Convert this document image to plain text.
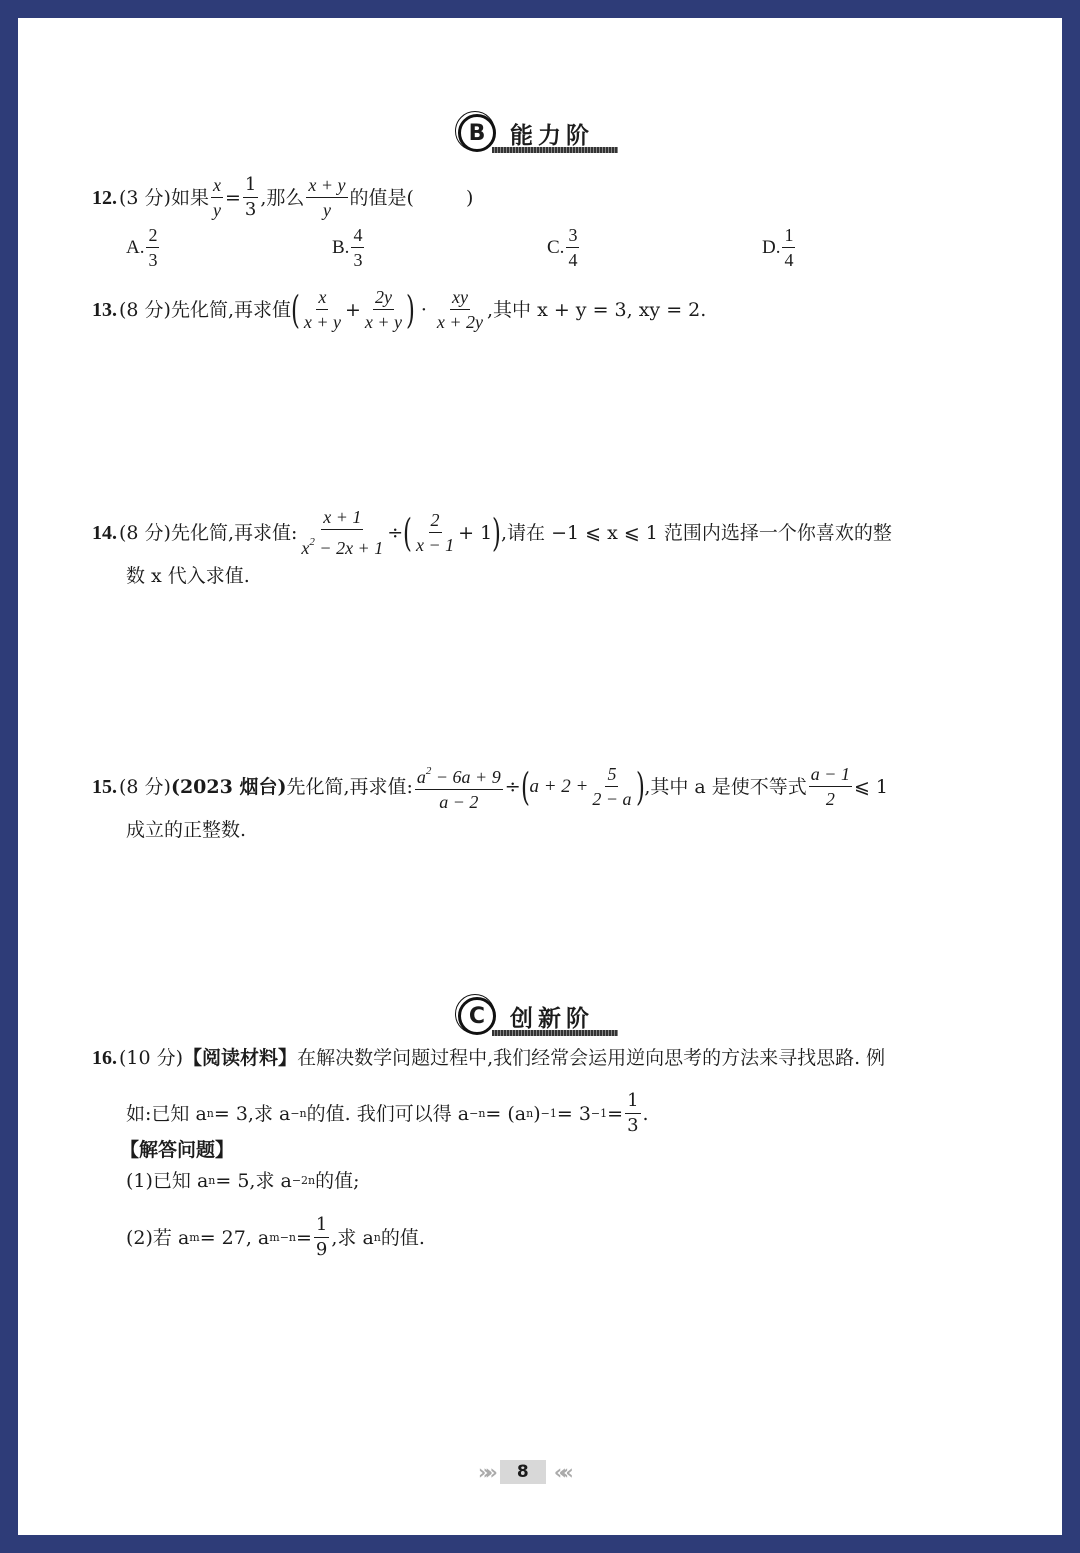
B	能力阶
12. (3 分) 如果 $\frac{x}{y} = \frac{1}{3}$ ,那么 $\frac{x + y}{y}$ 的值是(	)
A. $\frac{2}{3}$	B. $\frac{4}{3}$	C. $\frac{3}{4}$	D. $\frac{1}{4}$
13. (8 分) 先化简,再求值 ( $\frac{x}{x + y} + \frac{2y}{x + y}$ ) · $\frac{xy}{x + 2y}$ ,其中 x + y = 3, xy = 2.
14. (8 分) 先化简,再求值: $\frac{x + 1}{x^2 - 2x + 1}$ ÷ ( $\frac{2}{x - 1} + 1$ ) ,请在 −1 ⩽ x ⩽ 1 范围内选择一个你喜欢的整
数 x 代入求值.
15. (8 分) (2023 烟台) 先化简,再求值: $\frac{a^2 - 6a + 9}{a - 2}$ ÷ ( $a + 2 + \frac{5}{2 - a}$ ) ,其中 a 是使不等式 $\frac{a - 1}{2}$ ⩽ 1
成立的正整数.
C	创新阶
16. (10 分) 【阅读材料】 在解决数学问题过程中,我们经常会运用逆向思考的方法来寻找思路. 例
如:已知 a n = 3,求 a −n 的值. 我们可以得 a −n = (a n ) $-1 = 3 -1 = \frac{1}{3}$ .
【解答问题】
(1)已知 a n = 5,求 a −2n 的值;
(2)若 a m = 27, a $m-n = \frac{1}{9}$ ,求 a n 的值.
»»	8	««
